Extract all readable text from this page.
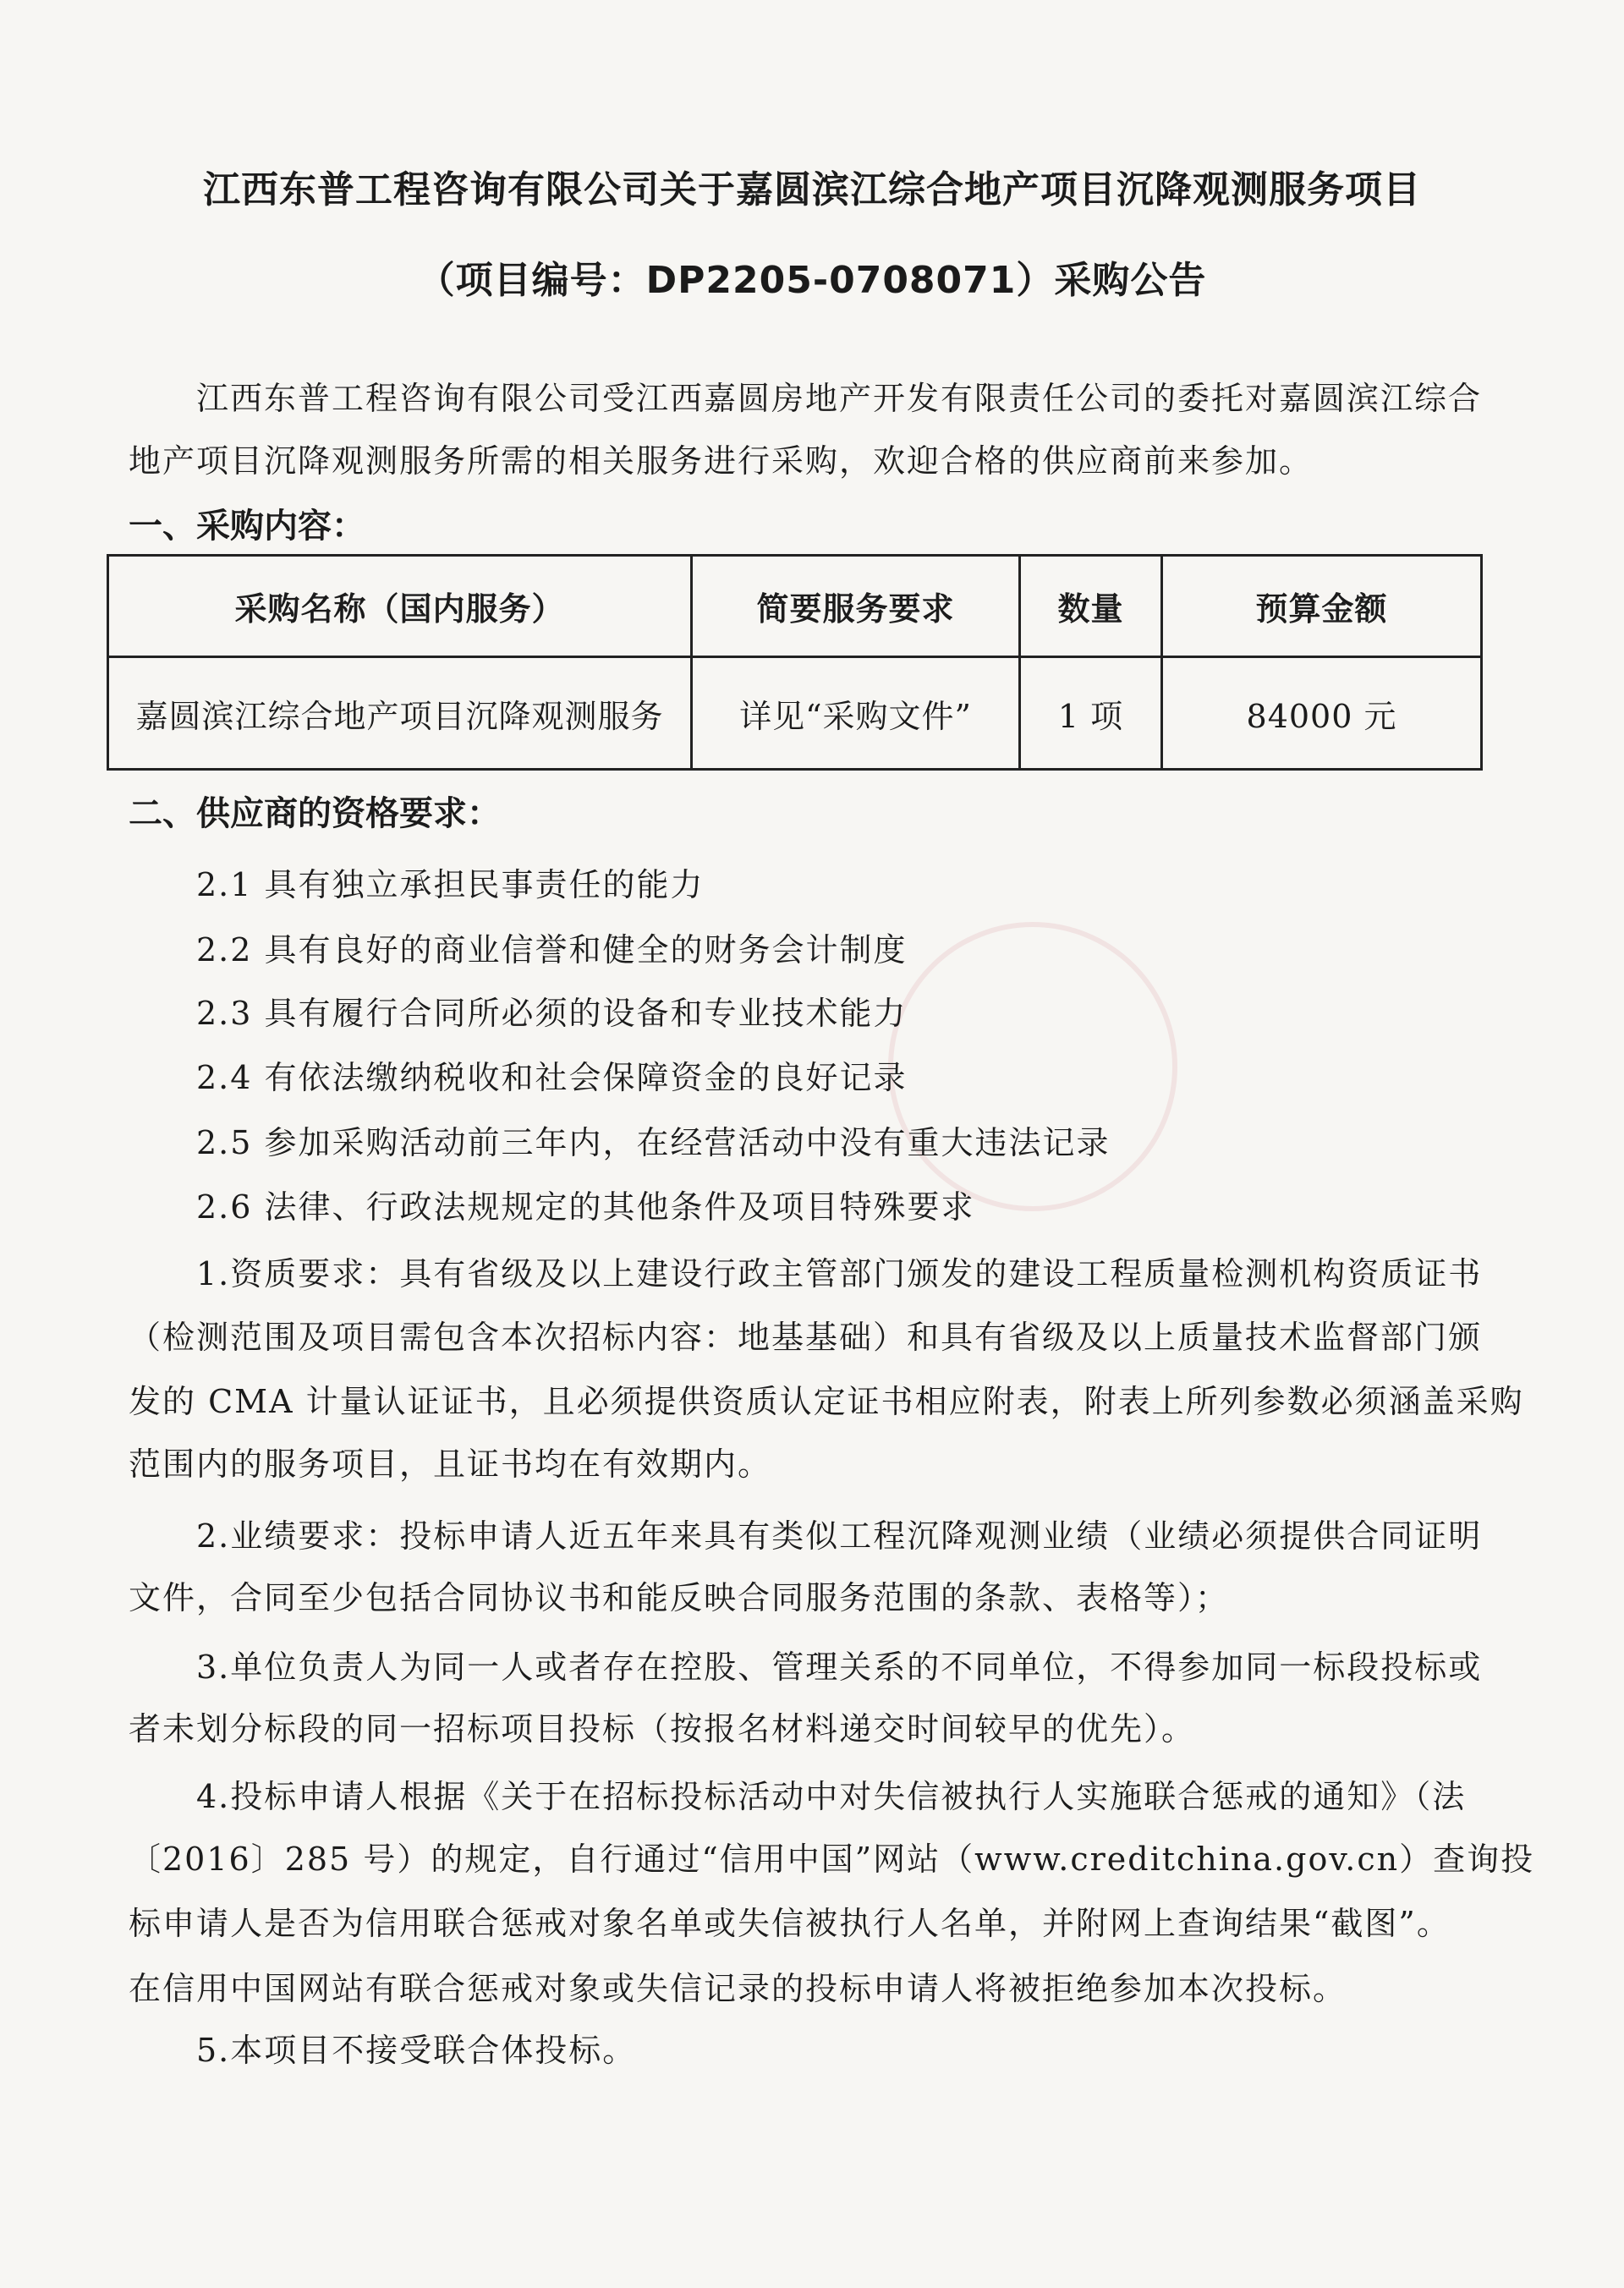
江西东普工程咨询有限公司关于嘉圆滨江综合地产项目沉降观测服务项目
（项目编号：DP2205-0708071）采购公告
江西东普工程咨询有限公司受江西嘉圆房地产开发有限责任公司的委托对嘉圆滨江综合
地产项目沉降观测服务所需的相关服务进行采购，欢迎合格的供应商前来参加。
一、采购内容：
采购名称（国内服务）	简要服务要求	数量	预算金额
嘉圆滨江综合地产项目沉降观测服务	详见“采购文件”	1 项	84000 元
二、供应商的资格要求：
2.1 具有独立承担民事责任的能力
2.2 具有良好的商业信誉和健全的财务会计制度
2.3 具有履行合同所必须的设备和专业技术能力
2.4 有依法缴纳税收和社会保障资金的良好记录
2.5 参加采购活动前三年内，在经营活动中没有重大违法记录
2.6 法律、行政法规规定的其他条件及项目特殊要求
1.资质要求：具有省级及以上建设行政主管部门颁发的建设工程质量检测机构资质证书
（检测范围及项目需包含本次招标内容：地基基础）和具有省级及以上质量技术监督部门颁
发的 CMA 计量认证证书，且必须提供资质认定证书相应附表，附表上所列参数必须涵盖采购
范围内的服务项目，且证书均在有效期内。
2.业绩要求：投标申请人近五年来具有类似工程沉降观测业绩（业绩必须提供合同证明
文件，合同至少包括合同协议书和能反映合同服务范围的条款、表格等）；
3.单位负责人为同一人或者存在控股、管理关系的不同单位，不得参加同一标段投标或
者未划分标段的同一招标项目投标（按报名材料递交时间较早的优先）。
4.投标申请人根据《关于在招标投标活动中对失信被执行人实施联合惩戒的通知》（法
〔2016〕285 号）的规定，自行通过“信用中国”网站（www.creditchina.gov.cn）查询投
标申请人是否为信用联合惩戒对象名单或失信被执行人名单，并附网上查询结果“截图”。
在信用中国网站有联合惩戒对象或失信记录的投标申请人将被拒绝参加本次投标。
5.本项目不接受联合体投标。
